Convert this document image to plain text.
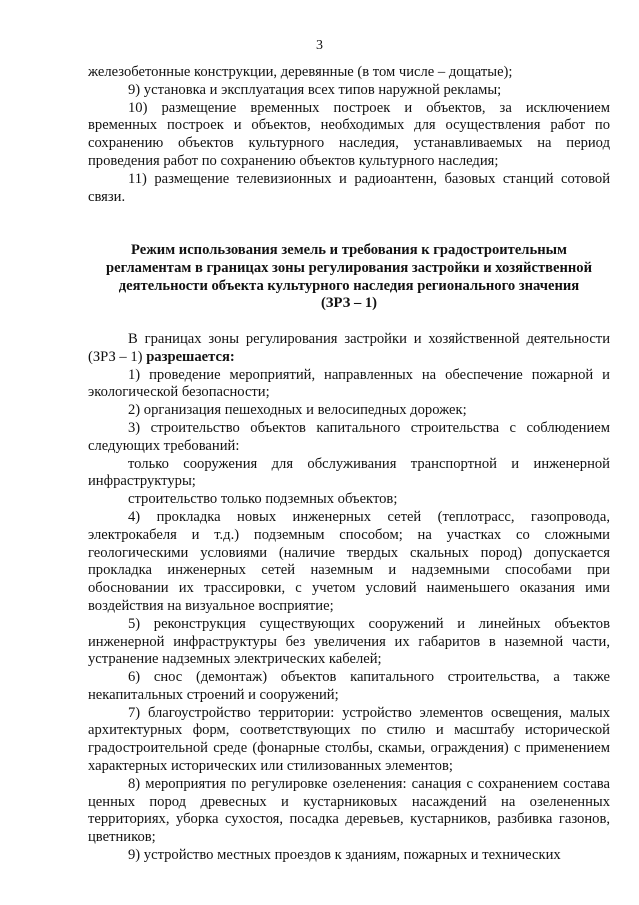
3

железобетонные конструкции, деревянные (в том числе – дощатые);

9) установка и эксплуатация всех типов наружной рекламы;

10) размещение временных построек и объектов, за исключением временных построек и объектов, необходимых для осуществления работ по сохранению объектов культурного наследия, устанавливаемых на период проведения работ по сохранению объектов культурного наследия;

11) размещение телевизионных и радиоантенн, базовых станций сотовой связи.

Режим использования земель и требования к градостроительным
регламентам в границах зоны регулирования застройки и хозяйственной
деятельности объекта культурного наследия регионального значения
(ЗРЗ – 1)

В границах зоны регулирования застройки и хозяйственной деятельности (ЗРЗ – 1) разрешается:

1) проведение мероприятий, направленных на обеспечение пожарной и экологической безопасности;

2) организация пешеходных и велосипедных дорожек;

3) строительство объектов капитального строительства с соблюдением следующих требований:

только сооружения для обслуживания транспортной и инженерной инфраструктуры;

строительство только подземных объектов;

4) прокладка новых инженерных сетей (теплотрасс, газопровода, электрокабеля и т.д.) подземным способом; на участках со сложными геологическими условиями (наличие твердых скальных пород) допускается прокладка инженерных сетей наземным и надземными способами при обосновании их трассировки, с учетом условий наименьшего оказания ими воздействия на визуальное восприятие;

5) реконструкция существующих сооружений и линейных объектов инженерной инфраструктуры без увеличения их габаритов в наземной части, устранение надземных электрических кабелей;

6) снос (демонтаж) объектов капитального строительства, а также некапитальных строений и сооружений;

7) благоустройство территории: устройство элементов освещения, малых архитектурных форм, соответствующих по стилю и масштабу исторической градостроительной среде (фонарные столбы, скамьи, ограждения) с применением характерных исторических или стилизованных элементов;

8) мероприятия по регулировке озеленения: санация с сохранением состава ценных пород древесных и кустарниковых насаждений на озелененных территориях, уборка сухостоя, посадка деревьев, кустарников, разбивка газонов, цветников;

9) устройство местных проездов к зданиям, пожарных и технических
